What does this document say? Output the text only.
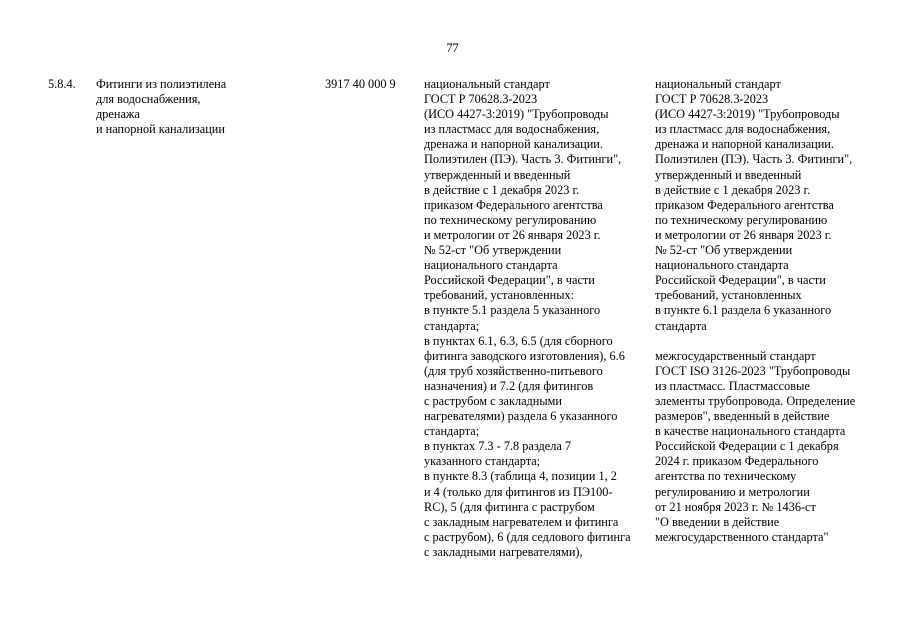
77
5.8.4. Фитинги из полиэтилена
для водоснабжения,
дренажа
и напорной канализации
3917 40 000 9 национальный стандарт
ГОСТ Р 70628.3-2023
(ИСО 4427-3:2019) "Трубопроводы
из пластмасс для водоснабжения,
дренажа и напорной канализации.
Полиэтилен (ПЭ). Часть 3. Фитинги",
утвержденный и введенный
в действие с 1 декабря 2023 г.
приказом Федерального агентства
по техническому регулированию
и метрологии от 26 января 2023 г.
№ 52-ст "Об утверждении
национального стандарта
Российской Федерации", в части
требований, установленных:
в пункте 5.1 раздела 5 указанного
стандарта;
в пунктах 6.1, 6.3, 6.5 (для сборного
фитинга заводского изготовления), 6.6
(для труб хозяйственно-питьевого
назначения) и 7.2 (для фитингов
с раструбом с закладными
нагревателями) раздела 6 указанного
стандарта;
в пунктах 7.3 - 7.8 раздела 7
указанного стандарта;
в пункте 8.3 (таблица 4, позиции 1, 2
и 4 (только для фитингов из ПЭ100-
RC), 5 (для фитинга с раструбом
с закладным нагревателем и фитинга
с раструбом), 6 (для седлового фитинга
с закладными нагревателями),
национальный стандарт
ГОСТ Р 70628.3-2023
(ИСО 4427-3:2019) "Трубопроводы
из пластмасс для водоснабжения,
дренажа и напорной канализации.
Полиэтилен (ПЭ). Часть 3. Фитинги",
утвержденный и введенный
в действие с 1 декабря 2023 г.
приказом Федерального агентства
по техническому регулированию
и метрологии от 26 января 2023 г.
№ 52-ст "Об утверждении
национального стандарта
Российской Федерации", в части
требований, установленных
в пункте 6.1 раздела 6 указанного
стандарта
межгосударственный стандарт
ГОСТ ISO 3126-2023 "Трубопроводы
из пластмасс. Пластмассовые
элементы трубопровода. Определение
размеров", введенный в действие
в качестве национального стандарта
Российской Федерации с 1 декабря
2024 г. приказом Федерального
агентства по техническому
регулированию и метрологии
от 21 ноября 2023 г. № 1436-ст
"О введении в действие
межгосударственного стандарта"
